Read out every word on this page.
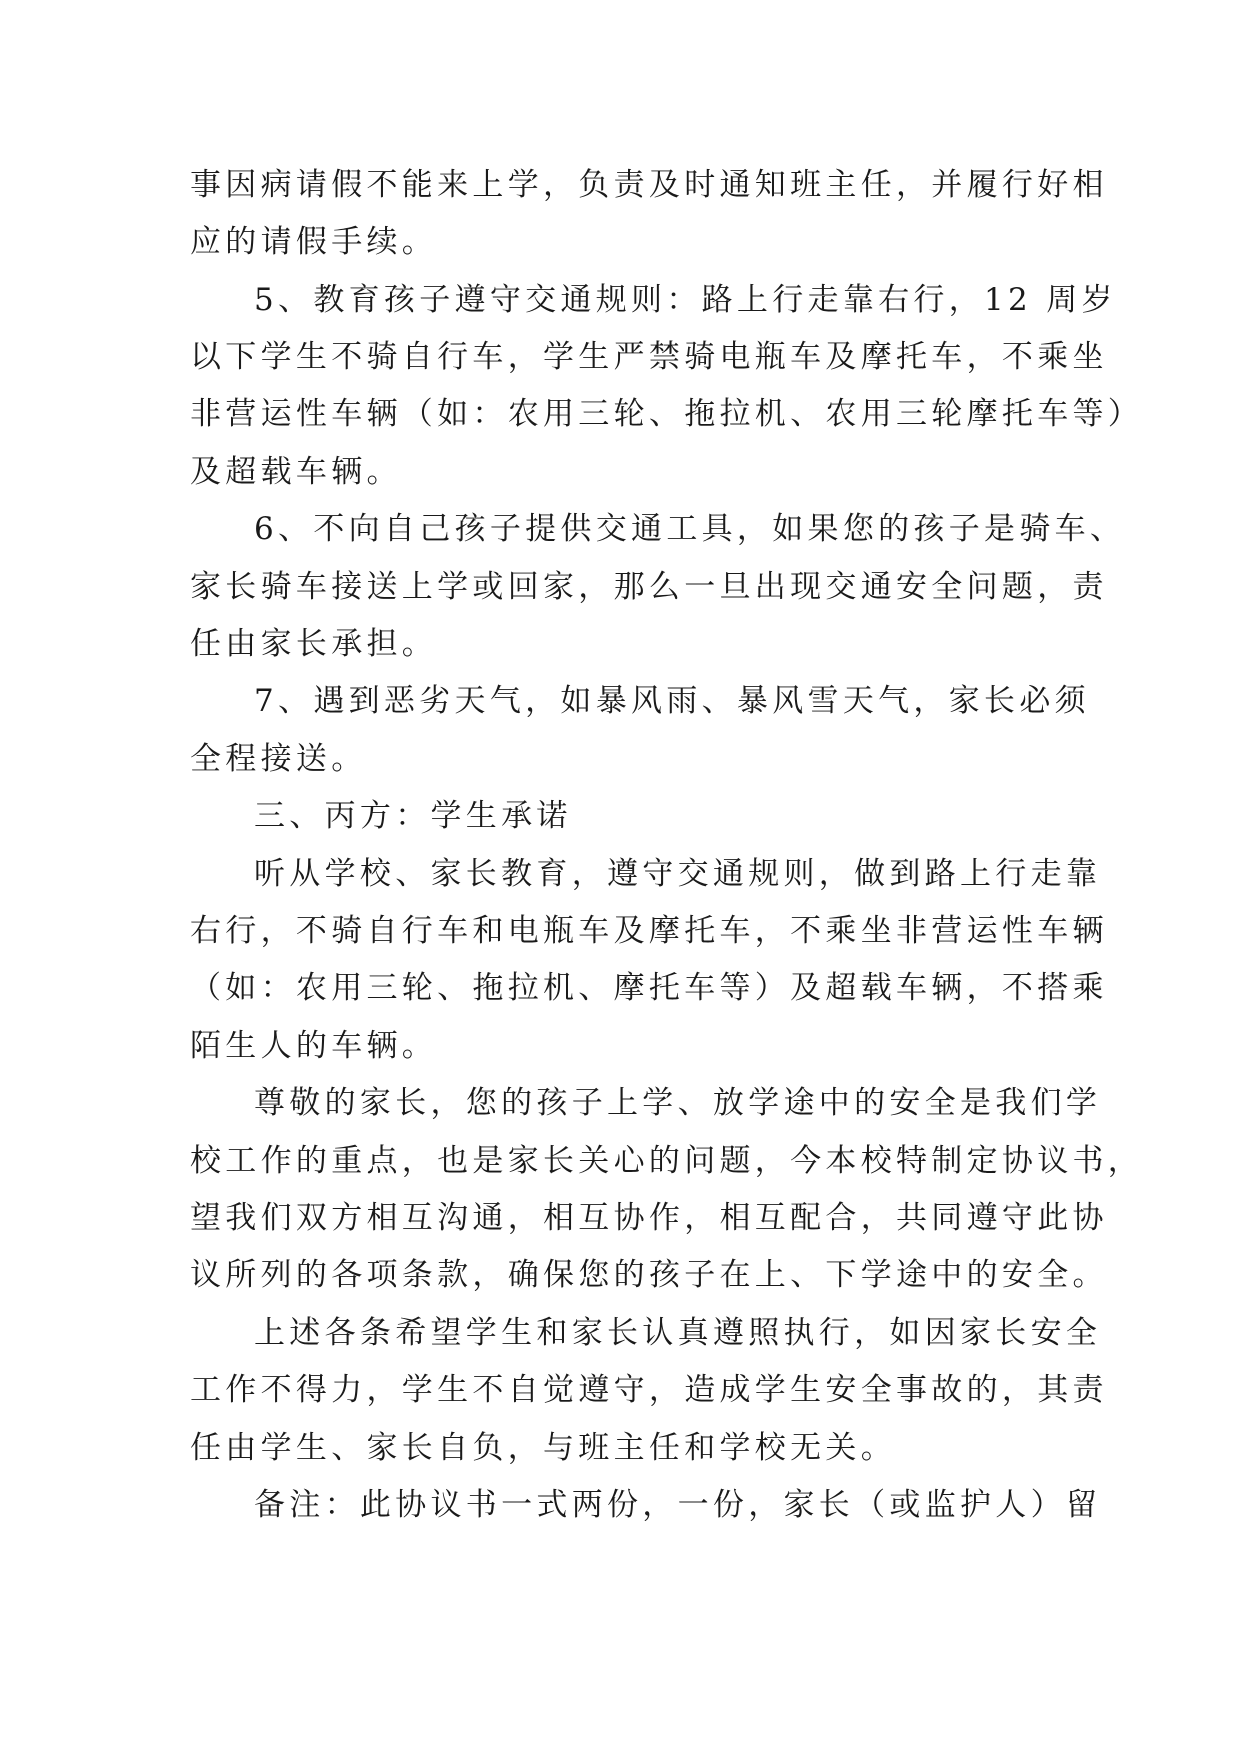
事因病请假不能来上学，负责及时通知班主任，并履行好相
应的请假手续。
5、教育孩子遵守交通规则：路上行走靠右行，12 周岁
以下学生不骑自行车，学生严禁骑电瓶车及摩托车，不乘坐
非营运性车辆（如：农用三轮、拖拉机、农用三轮摩托车等）
及超载车辆。
6、不向自己孩子提供交通工具，如果您的孩子是骑车、
家长骑车接送上学或回家，那么一旦出现交通安全问题，责
任由家长承担。
7、遇到恶劣天气，如暴风雨、暴风雪天气，家长必须
全程接送。
三、丙方：学生承诺
听从学校、家长教育，遵守交通规则，做到路上行走靠
右行，不骑自行车和电瓶车及摩托车，不乘坐非营运性车辆
（如：农用三轮、拖拉机、摩托车等）及超载车辆，不搭乘
陌生人的车辆。
尊敬的家长，您的孩子上学、放学途中的安全是我们学
校工作的重点，也是家长关心的问题，今本校特制定协议书，
望我们双方相互沟通，相互协作，相互配合，共同遵守此协
议所列的各项条款，确保您的孩子在上、下学途中的安全。
上述各条希望学生和家长认真遵照执行，如因家长安全
工作不得力，学生不自觉遵守，造成学生安全事故的，其责
任由学生、家长自负，与班主任和学校无关。
备注：此协议书一式两份，一份，家长（或监护人）留
